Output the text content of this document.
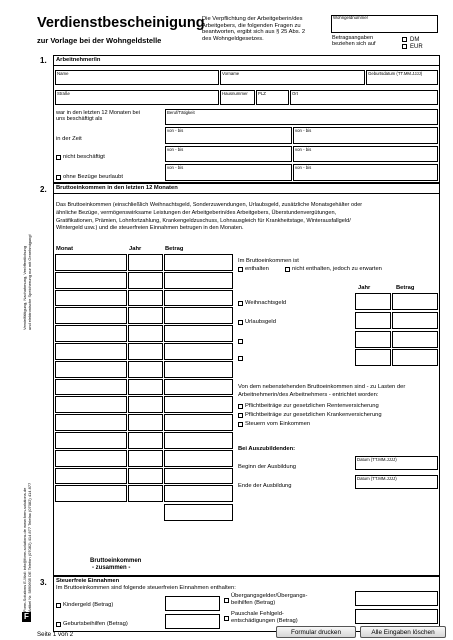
Vervielfältigung, Nachahmung, Veröffentlichung und elektronische Speicherung nur mit Genehmigung!
Form-Solutions E-Mail: info@form-solutions.de www.form-solutions.de Artikel Nr. 5890605 DE Telefon (07082) 414 877 Telefax (07082) 414 877
F
Verdienstbescheinigung
zur Vorlage bei der Wohngeldstelle
Die Verpflichtung der Arbeitgeberin/des
Arbeitgebers, die folgenden Fragen zu
beantworten, ergibt sich aus § 25 Abs. 2
des Wohngeldgesetzes.
Wohngeldnummer
Betragsangaben
beziehen sich auf
DM
EUR
1. Arbeitnehmer/in
Name	Vorname	Geburtsdatum (TT.MM.JJJJ)
Straße	Hausnummer PLZ	Ort
war in den letzten 12 Monaten bei
uns beschäftigt als
Beruf/Tätigkeit
in der Zeit
von - bis	von - bis
nicht beschäftigt
von - bis	von - bis
ohne Bezüge beurlaubt
von - bis	von - bis
2. Bruttoeinkommen in den letzten 12 Monaten
Das Bruttoeinkommen (einschließlich Weihnachtsgeld, Sonderzuwendungen, Urlaubsgeld, zusätzliche Monatsgehälter oder
ähnliche Bezüge, vermögenswirksame Leistungen der Arbeitgeberin/des Arbeitgebers, Überstundenvergütungen,
Gratifikationen, Prämien, Lohnfortzahlung, Krankengeldzuschuss, Lohnausgleich für Krankheitstage, Winterausfallgeld/
Wintergeld usw.) und die steuerfreien Einnahmen betrugen in den Monaten.
Monat	Jahr	Betrag
Bruttoeinkommen
- zusammen -
Im Bruttoeinkommen ist
enthalten	nicht enthalten, jedoch zu erwarten
Jahr	Betrag
Weihnachtsgeld
Urlaubsgeld
Von dem nebenstehenden Bruttoeinkommen sind - zu Lasten der
Arbeitnehmerin/des Arbeitnehmers - entrichtet worden:
Pflichtbeiträge zur gesetzlichen Rentenversicherung
Pflichtbeiträge zur gesetzlichen Krankenversicherung
Steuern vom Einkommen
Bei Auszubildenden:
Beginn der Ausbildung
Datum (TT.MM.JJJJ)
Ende der Ausbildung
Datum (TT.MM.JJJJ)
3. Steuerfreie Einnahmen
Im Bruttoeinkommen sind folgende steuerfreien Einnahmen enthalten:
Kindergeld (Betrag)
Geburtsbeihilfen (Betrag)
Übergangsgelder/Übergangs-
beihilfen (Betrag)
Pauschale Fehlgeld-
entschädigungen (Betrag)
Seite 1 von 2	Formular drucken	Alle Eingaben löschen
